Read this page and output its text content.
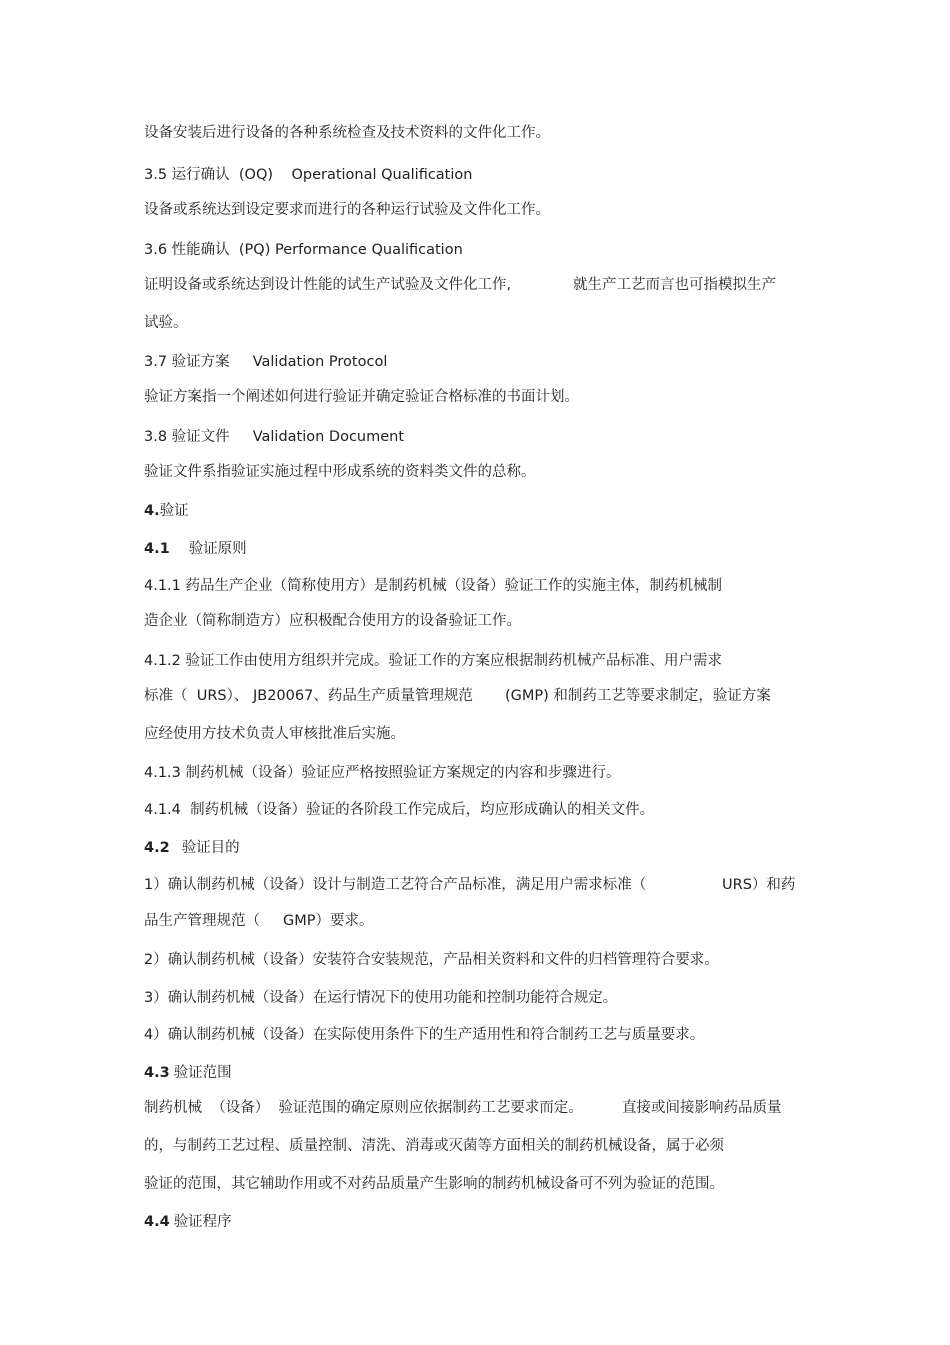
设备安装后进行设备的各种系统检查及技术资料的文件化工作。
3.5 运行确认  (OQ)    Operational Qualification
设备或系统达到设定要求而进行的各种运行试验及文件化工作。
3.6 性能确认  (PQ) Performance Qualification
证明设备或系统达到设计性能的试生产试验及文件化工作,	就生产工艺而言也可指模拟生产
试验。
3.7 验证方案     Validation Protocol
验证方案指一个阐述如何进行验证并确定验证合格标准的书面计划。
3.8 验证文件     Validation Document
验证文件系指验证实施过程中形成系统的资料类文件的总称。
4.验证
4.1 验证原则
4.1.1 药品生产企业（简称使用方）是制药机械（设备）验证工作的实施主体，制药机械制
造企业（简称制造方）应积极配合使用方的设备验证工作。
4.1.2 验证工作由使用方组织并完成。验证工作的方案应根据制药机械产品标准、用户需求
标准（  URS）、 JB20067、药品生产质量管理规范 (GMP) 和制药工艺等要求制定，验证方案
应经使用方技术负责人审核批准后实施。
4.1.3 制药机械（设备）验证应严格按照验证方案规定的内容和步骤进行。
4.1.4  制药机械（设备）验证的各阶段工作完成后，均应形成确认的相关文件。
4.2 验证目的
1）确认制药机械（设备）设计与制造工艺符合产品标准，满足用户需求标准（	URS）和药
品生产管理规范（     GMP）要求。
2）确认制药机械（设备）安装符合安装规范，产品相关资料和文件的归档管理符合要求。
3）确认制药机械（设备）在运行情况下的使用功能和控制功能符合规定。
4）确认制药机械（设备）在实际使用条件下的生产适用性和符合制药工艺与质量要求。
4.3 验证范围
制药机械  （设备）  验证范围的确定原则应依据制药工艺要求而定。	直接或间接影响药品质量
的，与制药工艺过程、质量控制、清洗、消毒或灭菌等方面相关的制药机械设备，属于必须
验证的范围，其它辅助作用或不对药品质量产生影响的制药机械设备可不列为验证的范围。
4.4 验证程序
